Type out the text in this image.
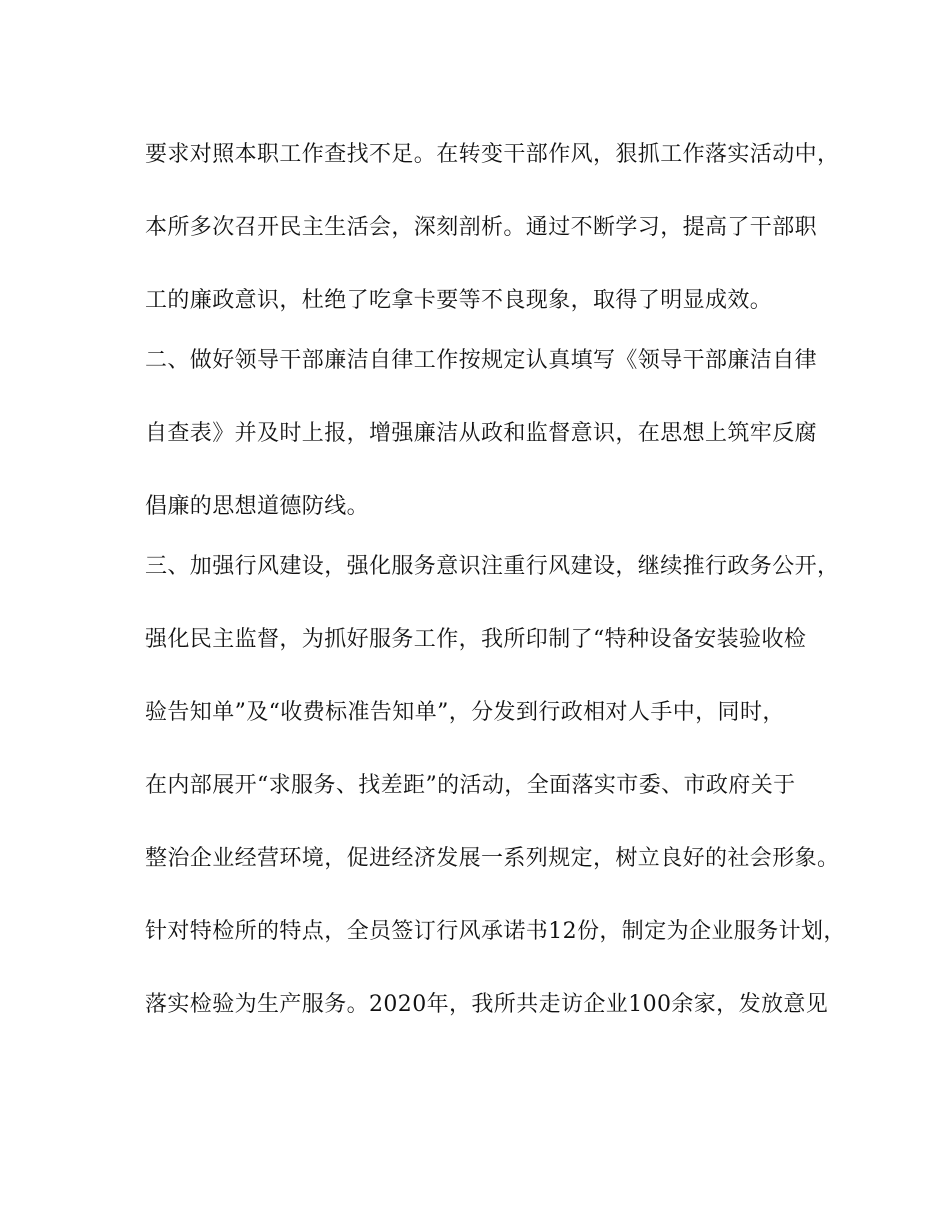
要求对照本职工作查找不足。在转变干部作风，狠抓工作落实活动中，

本所多次召开民主生活会，深刻剖析。通过不断学习，提高了干部职

工的廉政意识，杜绝了吃拿卡要等不良现象，取得了明显成效。

二、做好领导干部廉洁自律工作按规定认真填写《领导干部廉洁自律

自查表》并及时上报，增强廉洁从政和监督意识，在思想上筑牢反腐

倡廉的思想道德防线。

三、加强行风建设，强化服务意识注重行风建设，继续推行政务公开，

强化民主监督，为抓好服务工作，我所印制了“特种设备安装验收检

验告知单”及“收费标准告知单”，分发到行政相对人手中，同时，

在内部展开“求服务、找差距”的活动，全面落实市委、市政府关于

整治企业经营环境，促进经济发展一系列规定，树立良好的社会形象。

针对特检所的特点，全员签订行风承诺书12份，制定为企业服务计划，

落实检验为生产服务。2020年，我所共走访企业100余家，发放意见
